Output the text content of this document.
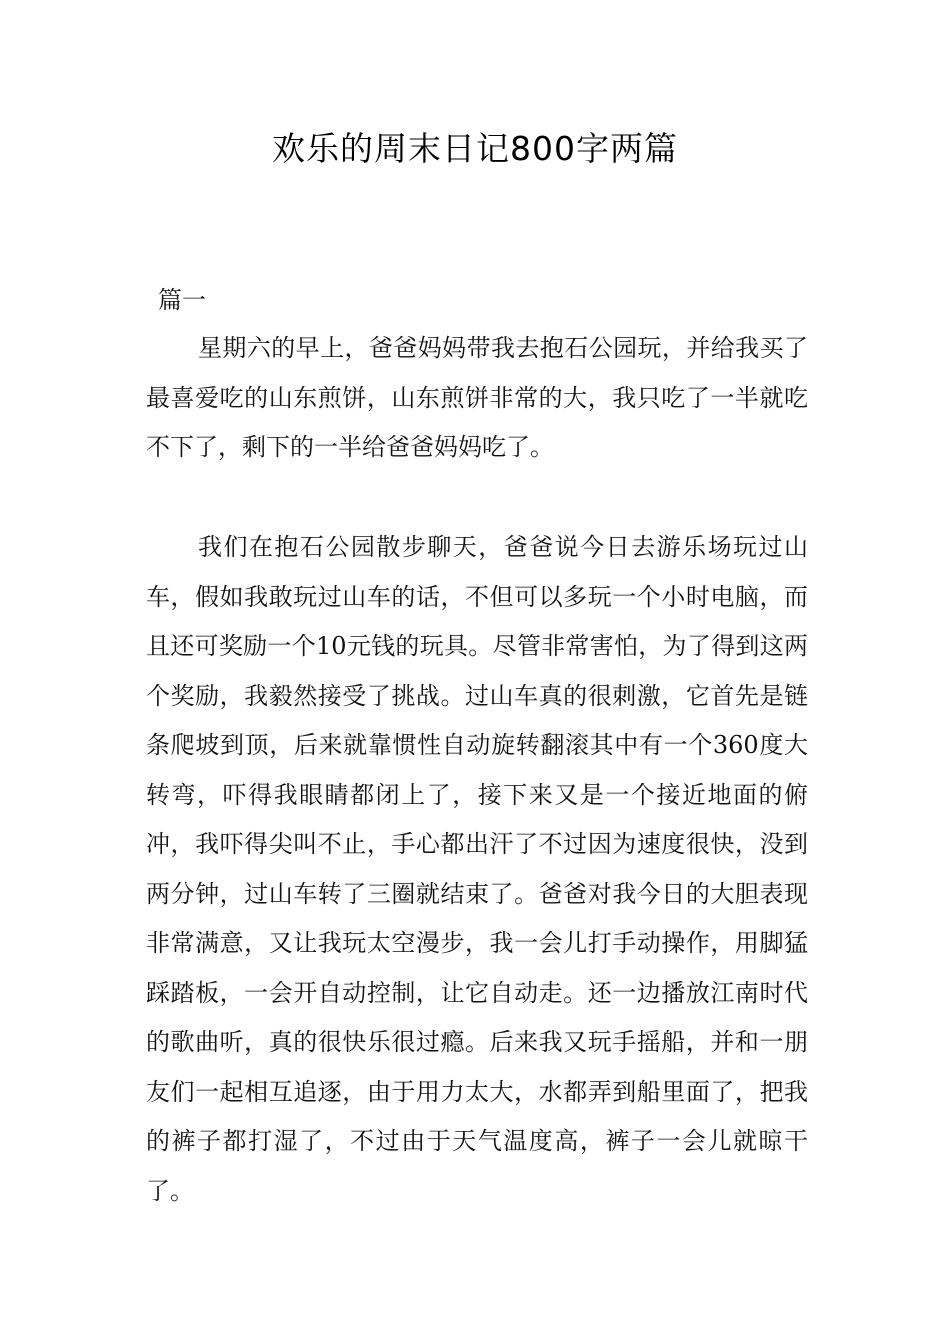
欢乐的周末日记800字两篇
篇一

星期六的早上，爸爸妈妈带我去抱石公园玩，并给我买了最喜爱吃的山东煎饼，山东煎饼非常的大，我只吃了一半就吃不下了，剩下的一半给爸爸妈妈吃了。

我们在抱石公园散步聊天，爸爸说今日去游乐场玩过山车，假如我敢玩过山车的话，不但可以多玩一个小时电脑，而且还可奖励一个10元钱的玩具。尽管非常害怕，为了得到这两个奖励，我毅然接受了挑战。过山车真的很刺激，它首先是链条爬坡到顶，后来就靠惯性自动旋转翻滚其中有一个360度大转弯，吓得我眼睛都闭上了，接下来又是一个接近地面的俯冲，我吓得尖叫不止，手心都出汗了不过因为速度很快，没到两分钟，过山车转了三圈就结束了。爸爸对我今日的大胆表现非常满意，又让我玩太空漫步，我一会儿打手动操作，用脚猛踩踏板，一会开自动控制，让它自动走。还一边播放江南时代的歌曲听，真的很快乐很过瘾。后来我又玩手摇船，并和一朋友们一起相互追逐，由于用力太大，水都弄到船里面了，把我的裤子都打湿了，不过由于天气温度高，裤子一会儿就晾干了。
